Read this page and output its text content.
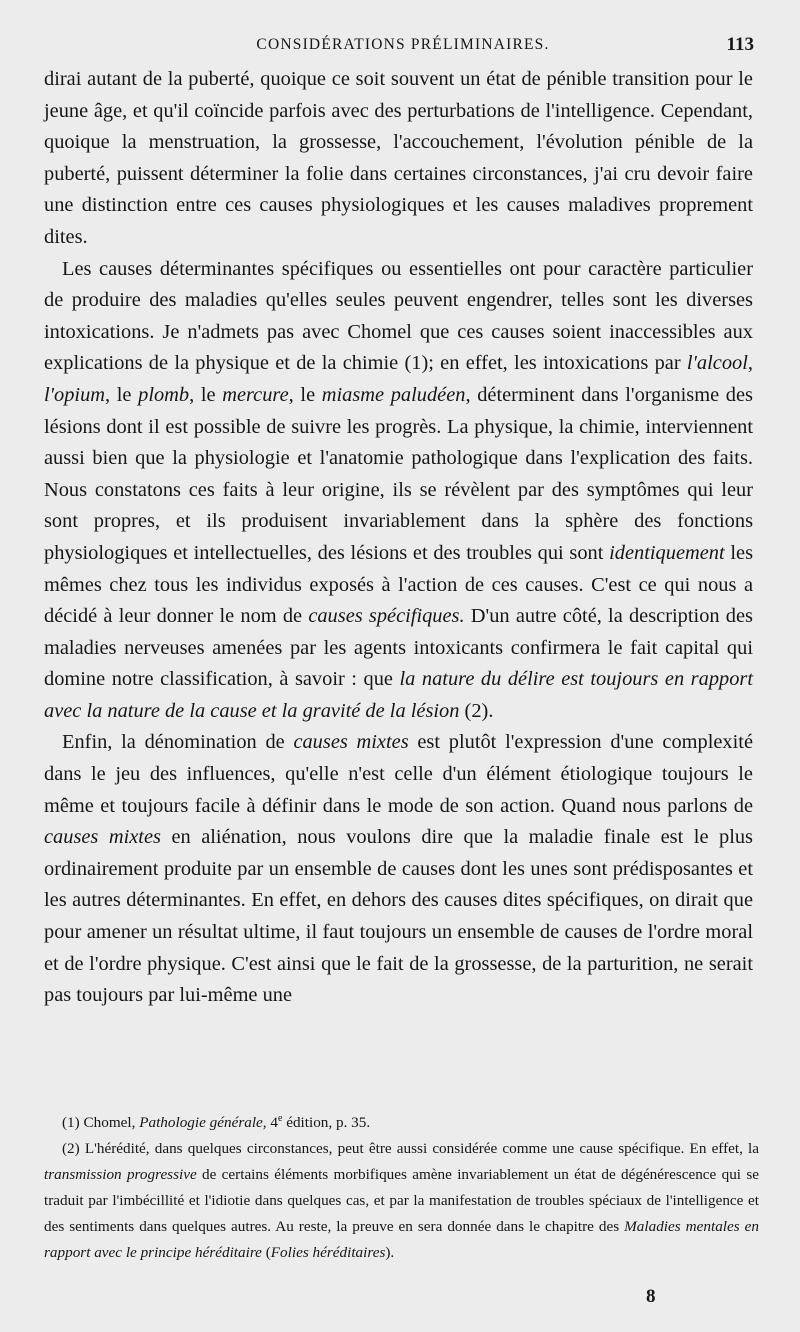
CONSIDÉRATIONS PRÉLIMINAIRES.	113

dirai autant de la puberté, quoique ce soit souvent un état de pénible transition pour le jeune âge, et qu'il coïncide parfois avec des perturbations de l'intelligence. Cependant, quoique la menstruation, la grossesse, l'accouchement, l'évolution pénible de la puberté, puissent déterminer la folie dans certaines circonstances, j'ai cru devoir faire une distinction entre ces causes physiologiques et les causes maladives proprement dites.

Les causes déterminantes spécifiques ou essentielles ont pour caractère particulier de produire des maladies qu'elles seules peuvent engendrer, telles sont les diverses intoxications. Je n'admets pas avec Chomel que ces causes soient inaccessibles aux explications de la physique et de la chimie (1); en effet, les intoxications par l'alcool, l'opium, le plomb, le mercure, le miasme paludéen, déterminent dans l'organisme des lésions dont il est possible de suivre les progrès. La physique, la chimie, interviennent aussi bien que la physiologie et l'anatomie pathologique dans l'explication des faits. Nous constatons ces faits à leur origine, ils se révèlent par des symptômes qui leur sont propres, et ils produisent invariablement dans la sphère des fonctions physiologiques et intellectuelles, des lésions et des troubles qui sont identiquement les mêmes chez tous les individus exposés à l'action de ces causes. C'est ce qui nous a décidé à leur donner le nom de causes spécifiques. D'un autre côté, la description des maladies nerveuses amenées par les agents intoxicants confirmera le fait capital qui domine notre classification, à savoir : que la nature du délire est toujours en rapport avec la nature de la cause et la gravité de la lésion (2).

Enfin, la dénomination de causes mixtes est plutôt l'expression d'une complexité dans le jeu des influences, qu'elle n'est celle d'un élément étiologique toujours le même et toujours facile à définir dans le mode de son action. Quand nous parlons de causes mixtes en aliénation, nous voulons dire que la maladie finale est le plus ordinairement produite par un ensemble de causes dont les unes sont prédisposantes et les autres déterminantes. En effet, en dehors des causes dites spécifiques, on dirait que pour amener un résultat ultime, il faut toujours un ensemble de causes de l'ordre moral et de l'ordre physique. C'est ainsi que le fait de la grossesse, de la parturition, ne serait pas toujours par lui-même une

(1) Chomel, Pathologie générale, 4e édition, p. 35.

(2) L'hérédité, dans quelques circonstances, peut être aussi considérée comme une cause spécifique. En effet, la transmission progressive de certains éléments morbifiques amène invariablement un état de dégénérescence qui se traduit par l'imbécillité et l'idiotie dans quelques cas, et par la manifestation de troubles spéciaux de l'intelligence et des sentiments dans quelques autres. Au reste, la preuve en sera donnée dans le chapitre des Maladies mentales en rapport avec le principe héréditaire (Folies héréditaires).

8
